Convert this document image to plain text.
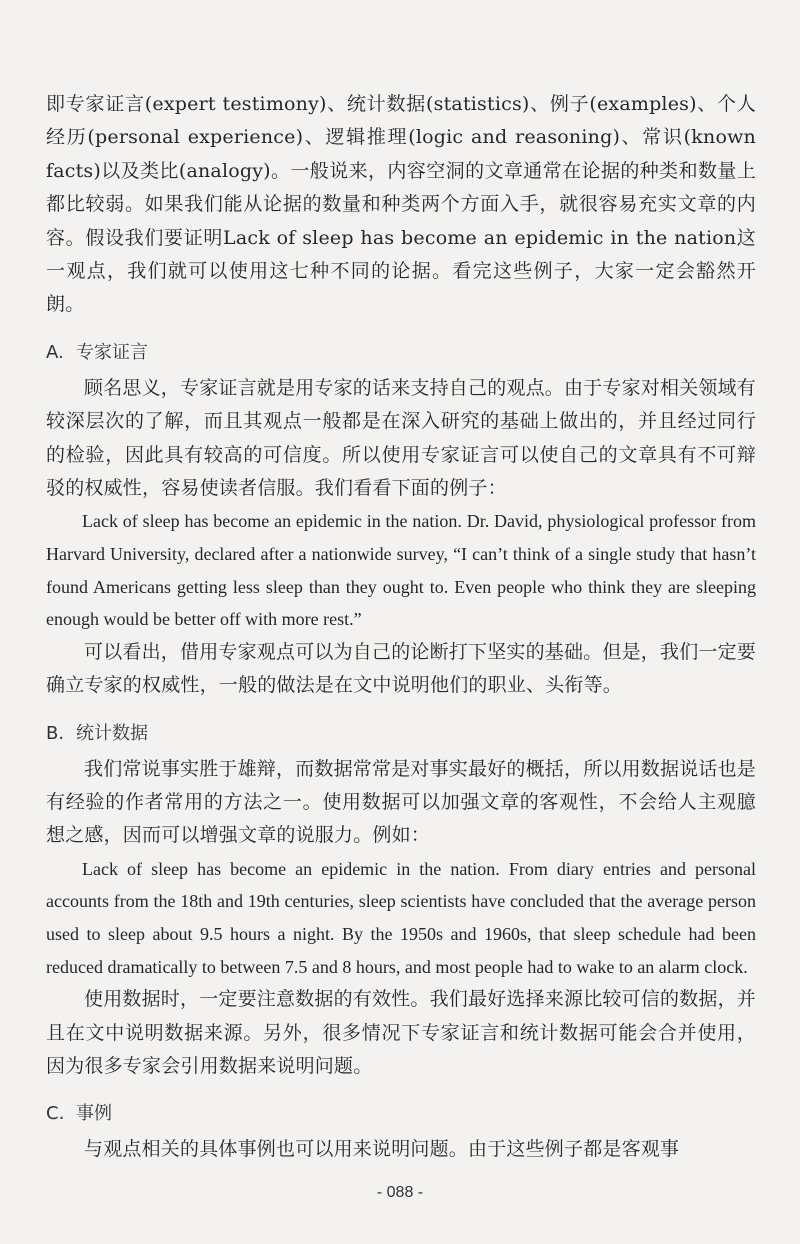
即专家证言(expert testimony)、统计数据(statistics)、例子(examples)、个人经历(personal experience)、逻辑推理(logic and reasoning)、常识(known facts)以及类比(analogy)。一般说来，内容空洞的文章通常在论据的种类和数量上都比较弱。如果我们能从论据的数量和种类两个方面入手，就很容易充实文章的内容。假设我们要证明Lack of sleep has become an epidemic in the nation这一观点，我们就可以使用这七种不同的论据。看完这些例子，大家一定会豁然开朗。

A. 专家证言

顾名思义，专家证言就是用专家的话来支持自己的观点。由于专家对相关领域有较深层次的了解，而且其观点一般都是在深入研究的基础上做出的，并且经过同行的检验，因此具有较高的可信度。所以使用专家证言可以使自己的文章具有不可辩驳的权威性，容易使读者信服。我们看看下面的例子：

Lack of sleep has become an epidemic in the nation. Dr. David, physiological professor from Harvard University, declared after a nationwide survey, “I can’t think of a single study that hasn’t found Americans getting less sleep than they ought to. Even people who think they are sleeping enough would be better off with more rest.”

可以看出，借用专家观点可以为自己的论断打下坚实的基础。但是，我们一定要确立专家的权威性，一般的做法是在文中说明他们的职业、头衔等。

B. 统计数据

我们常说事实胜于雄辩，而数据常常是对事实最好的概括，所以用数据说话也是有经验的作者常用的方法之一。使用数据可以加强文章的客观性，不会给人主观臆想之感，因而可以增强文章的说服力。例如：

Lack of sleep has become an epidemic in the nation. From diary entries and personal accounts from the 18th and 19th centuries, sleep scientists have concluded that the average person used to sleep about 9.5 hours a night. By the 1950s and 1960s, that sleep schedule had been reduced dramatically to between 7.5 and 8 hours, and most people had to wake to an alarm clock.

使用数据时，一定要注意数据的有效性。我们最好选择来源比较可信的数据，并且在文中说明数据来源。另外，很多情况下专家证言和统计数据可能会合并使用，因为很多专家会引用数据来说明问题。

C. 事例

与观点相关的具体事例也可以用来说明问题。由于这些例子都是客观事

- 088 -
